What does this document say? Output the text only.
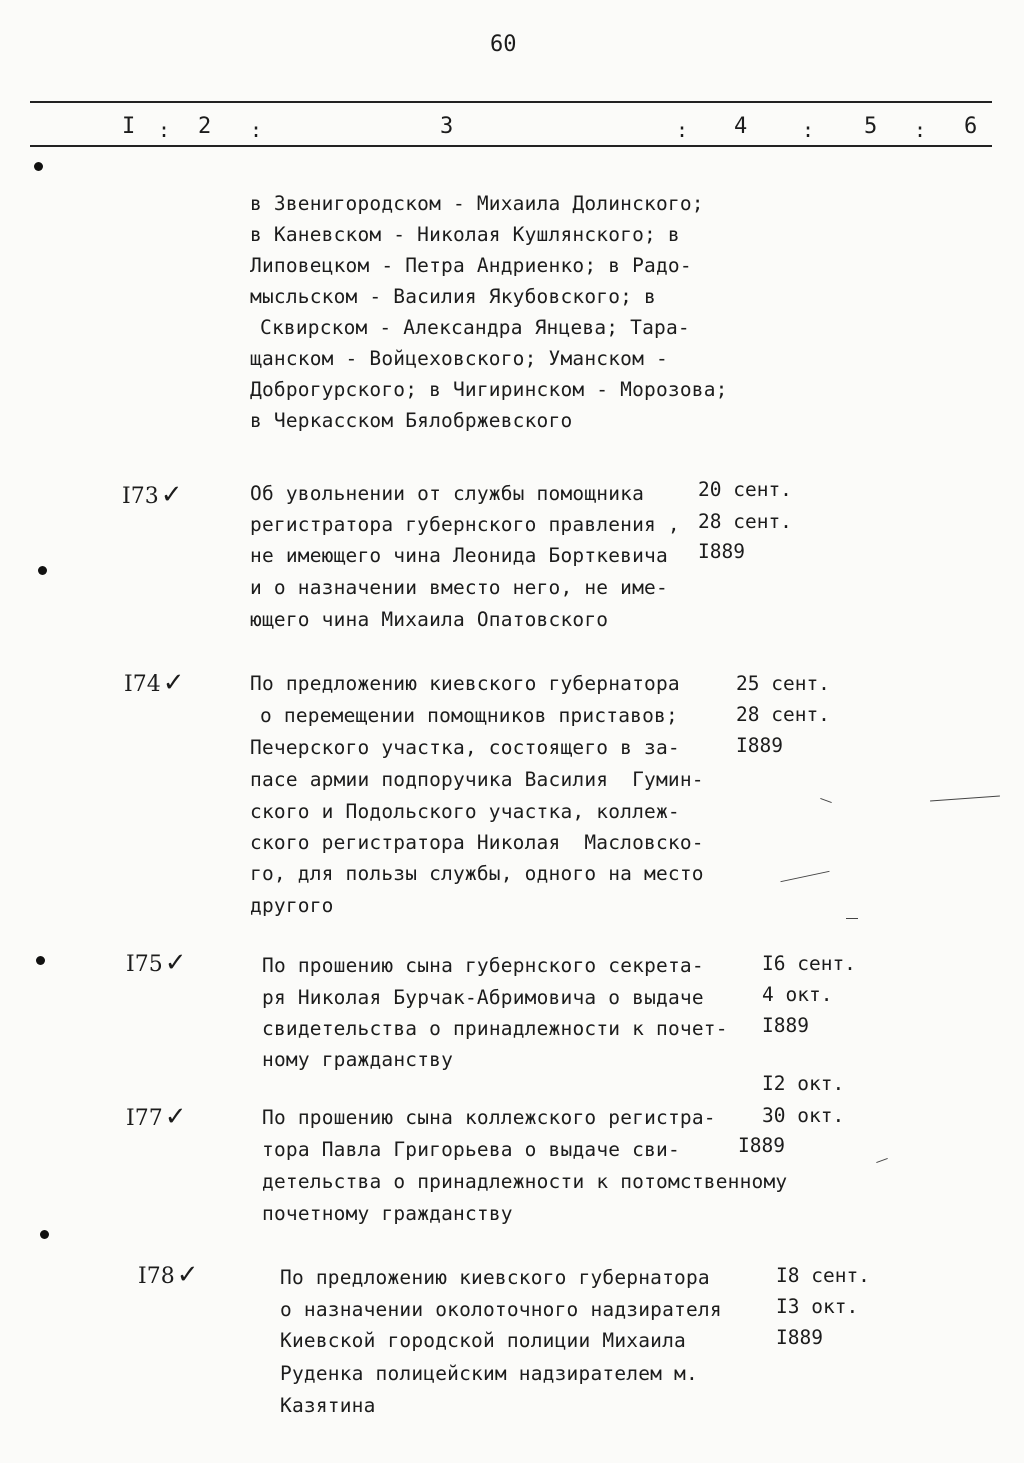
60
I : 2 :	3	: 4	: 5 : 6
в Звенигородском - Михаила Долинского;
в Каневском - Николая Кушлянского; в
Липовецком - Петра Андриенко; в Радо-
мысльском - Василия Якубовского; в
Сквирском - Александра Янцева; Тара-
щанском - Войцеховского; Уманском -
Доброгурского; в Чигиринском - Морозова;
в Черкасском Бялобржевского
I73✓	Об увольнении от службы помощника
регистратора губернского правления ,
не имеющего чина Леонида Борткевича
и о назначении вместо него, не име-
ющего чина Михаила Опатовского
20 сент.
28 сент.
I889
I74✓	По предложению киевского губернатора
о перемещении помощников приставов;
Печерского участка, состоящего в за-
пасе армии подпоручика Василия  Гумин-
ского и Подольского участка, коллеж-
ского регистратора Николая  Масловско-
го, для пользы службы, одного на место
другого
25 сент.
28 сент.
I889
I75✓	По прошению сына губернского секрета-
ря Николая Бурчак-Абримовича о выдаче
свидетельства о принадлежности к почет-
ному гражданству
I6 сент.
4 окт.
I889
I77✓	По прошению сына коллежского регистра-
тора Павла Григорьева о выдаче сви-
детельства о принадлежности к потомственному
почетному гражданству
I2 окт.
30 окт.
I889
I78✓	По предложению киевского губернатора
о назначении околоточного надзирателя
Киевской городской полиции Михаила
Руденка полицейским надзирателем м.
Казятина
I8 сент.
I3 окт.
I889
